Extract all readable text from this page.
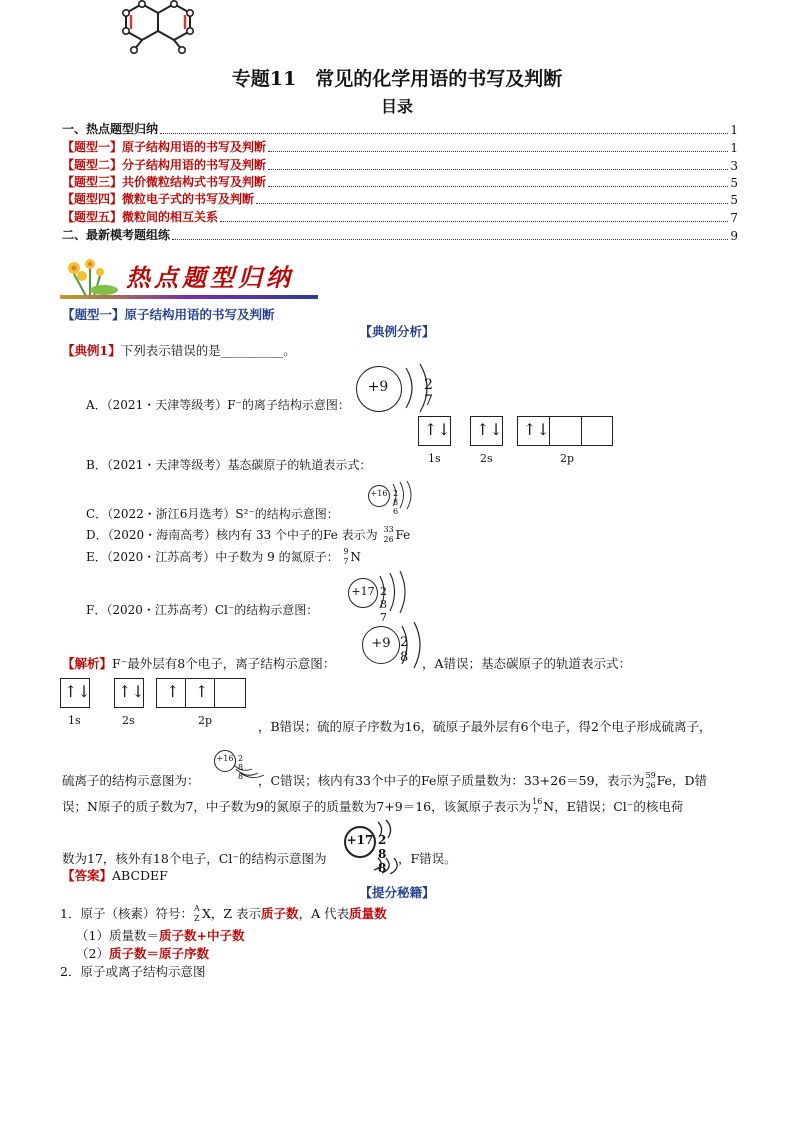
专题11　常见的化学用语的书写及判断
目录
一、热点题型归纳	1
【题型一】原子结构用语的书写及判断	1
【题型二】分子结构用语的书写及判断	3
【题型三】共价微粒结构式书写及判断	5
【题型四】微粒电子式的书写及判断	5
【题型五】微粒间的相互关系	7
二、最新模考题组练	9
热点题型归纳
【题型一】原子结构用语的书写及判断
【典例分析】
【典例1】下列表示错误的是__________。
A．（2021・天津等级考）F⁻的离子结构示意图：
+9	2 7
B．（2021・天津等级考）基态碳原子的轨道表示式：
↑↓ ↑↓ ↑↓
1s	2s	2p
C．（2022・浙江6月选考）S²⁻的结构示意图：
+16 2 8 6
D．（2020・海南高考）核内有 33 个中子的Fe 表示为 33
26 Fe
E．（2020・江苏高考）中子数为 9 的氮原子： 9
7 N
F．（2020・江苏高考）Cl⁻的结构示意图：
+17 2 8 7
【解析】F⁻最外层有8个电子，离子结构示意图：
+9 2 8 ，A错误；基态碳原子的轨道表示式：
↑↓ ↑↓ ↑ ↑
1s	2s	2p	，B错误；硫的原子序数为16，硫原子最外层有6个电子，得2个电子形成硫离子，
硫离子的结构示意图为：
+16 2 8 8 ，C错误；核内有33个中子的Fe原子质量数为：33+26＝59，表示为 59
26 Fe，D错
误；N原子的质子数为7，中子数为9的氮原子的质量数为7+9＝16，该氮原子表示为 16
7 N，E错误；Cl⁻的核电荷
数为17，核外有18个电子，Cl⁻的结构示意图为
+17 2 8 8
，F错误。
【答案】ABCDEF
【提分秘籍】
1．原子（核素）符号： A
Z X，Z 表示质子数，A 代表质量数
（1）质量数＝质子数+中子数
（2）质子数＝原子序数
2．原子或离子结构示意图
